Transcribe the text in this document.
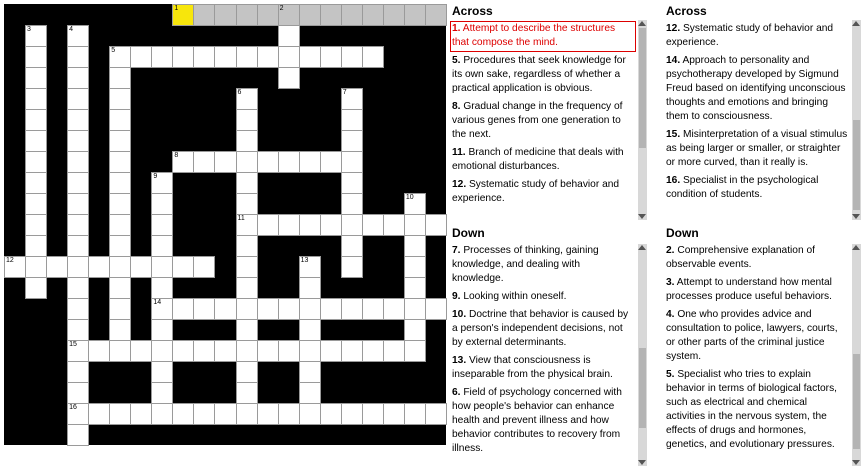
3	4
15
16
5
6
11
7
8
9
14
10
12	13
2
1	Across
1. Attempt to describe the structures that compose the mind.
5. Procedures that seek knowledge for its own sake, regardless of whether a practical application is obvious.
8. Gradual change in the frequency of various genes from one generation to the next.
11. Branch of medicine that deals with emotional disturbances.
12. Systematic study of behavior and experience.
Down
7. Processes of thinking, gaining knowledge, and dealing with knowledge.
9. Looking within oneself.
10. Doctrine that behavior is caused by a person's independent decisions, not by external determinants.
13. View that consciousness is inseparable from the physical brain.
6. Field of psychology concerned with how people's behavior can enhance health and prevent illness and how behavior contributes to recovery from illness.
Across
12. Systematic study of behavior and experience.
14. Approach to personality and psychotherapy developed by Sigmund Freud based on identifying unconscious thoughts and emotions and bringing them to consciousness.
15. Misinterpretation of a visual stimulus as being larger or smaller, or straighter or more curved, than it really is.
16. Specialist in the psychological condition of students.
Down
2. Comprehensive explanation of observable events.
3. Attempt to understand how mental processes produce useful behaviors.
4. One who provides advice and consultation to police, lawyers, courts, or other parts of the criminal justice system.
5. Specialist who tries to explain behavior in terms of biological factors, such as electrical and chemical activities in the nervous system, the effects of drugs and hormones, genetics, and evolutionary pressures.
